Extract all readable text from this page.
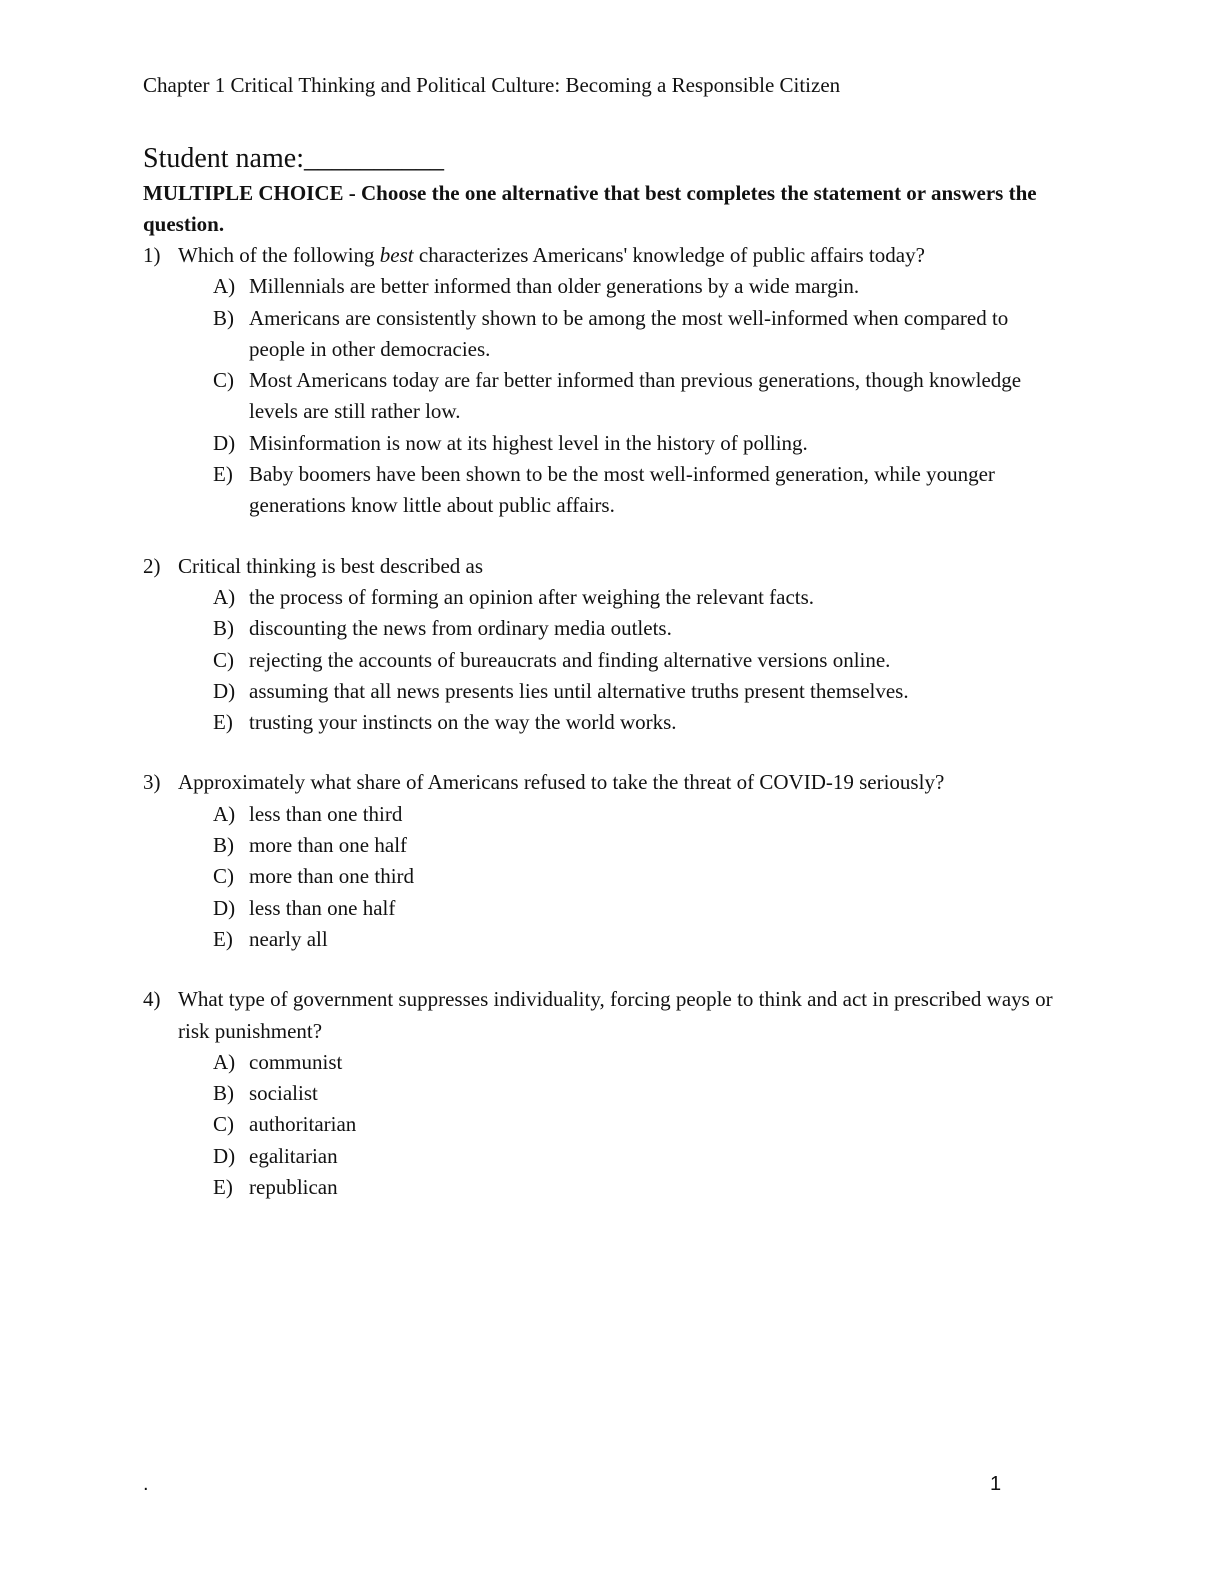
Chapter 1 Critical Thinking and Political Culture: Becoming a Responsible Citizen
Student name:__________
MULTIPLE CHOICE - Choose the one alternative that best completes the statement or answers the question.
1) Which of the following best characterizes Americans' knowledge of public affairs today?
A) Millennials are better informed than older generations by a wide margin.
B) Americans are consistently shown to be among the most well-informed when compared to people in other democracies.
C) Most Americans today are far better informed than previous generations, though knowledge levels are still rather low.
D) Misinformation is now at its highest level in the history of polling.
E) Baby boomers have been shown to be the most well-informed generation, while younger generations know little about public affairs.
2) Critical thinking is best described as
A) the process of forming an opinion after weighing the relevant facts.
B) discounting the news from ordinary media outlets.
C) rejecting the accounts of bureaucrats and finding alternative versions online.
D) assuming that all news presents lies until alternative truths present themselves.
E) trusting your instincts on the way the world works.
3) Approximately what share of Americans refused to take the threat of COVID-19 seriously?
A) less than one third
B) more than one half
C) more than one third
D) less than one half
E) nearly all
4) What type of government suppresses individuality, forcing people to think and act in prescribed ways or risk punishment?
A) communist
B) socialist
C) authoritarian
D) egalitarian
E) republican
.	1
